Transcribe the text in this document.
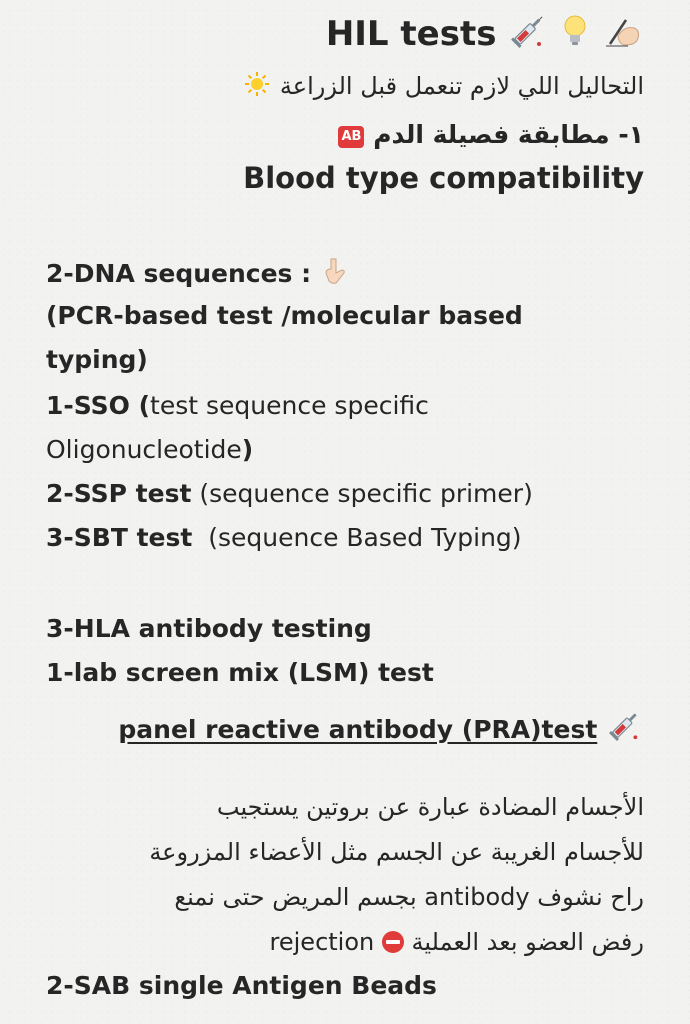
HIL tests
التحاليل اللي لازم تنعمل قبل الزراعة
AB ١- مطابقة فصيلة الدم
Blood type compatibility
2-DNA sequences :
(PCR-based test /molecular based
typing)
1-SSO (test sequence specific
Oligonucleotide)
2-SSP test (sequence specific primer)
3-SBT test  (sequence Based Typing)
3-HLA antibody testing
1-lab screen mix (LSM) test
panel reactive antibody (PRA)test
الأجسام المضادة عبارة عن بروتين يستجيب
للأجسام الغريبة عن الجسم مثل الأعضاء المزروعة
راح نشوف antibody بجسم المريض حتى نمنع
rejection رفض العضو بعد العملية
2-SAB single Antigen Beads
